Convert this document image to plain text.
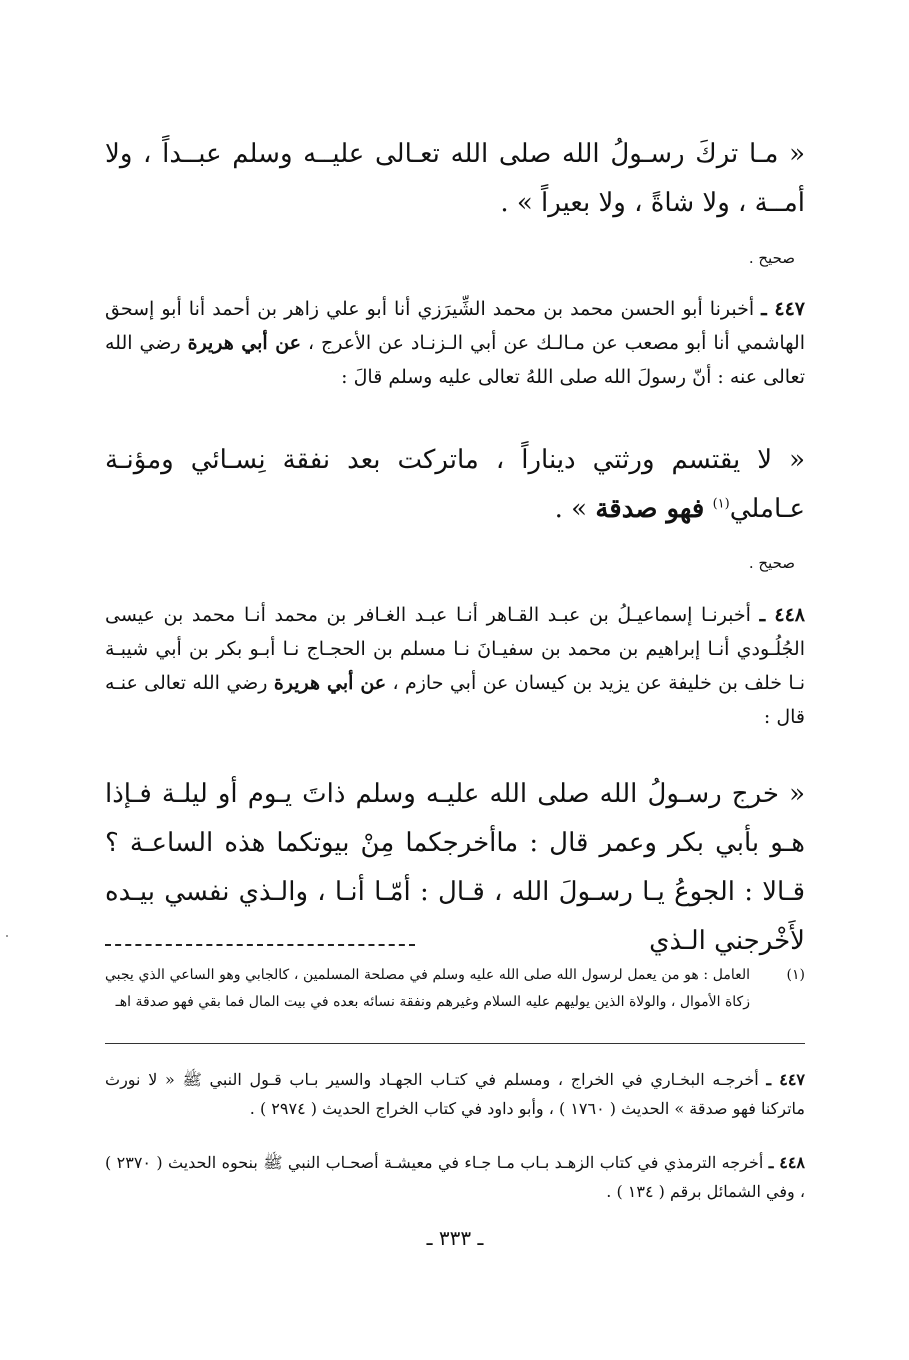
« مـا تركَ رسـولُ الله صلى الله تعـالى عليــه وسلم عبــداً ، ولا أمــة ، ولا شاةً ، ولا بعيراً » .
صحيح .
٤٤٧ ـ أخبرنا أبو الحسن محمد بن محمد الشِّيرَزي أنا أبو علي زاهر بن أحمد أنا أبو إسحق الهاشمي أنا أبو مصعب عن مـالـك عن أبي الـزنـاد عن الأعرج ، عن أبي هريرة رضي الله تعالى عنه : أنّ رسولَ الله صلى اللهُ تعالى عليه وسلم قالَ :
« لا يقتسم ورثتي ديناراً ، ماتركت بعد نفقة نِسـائي ومؤنـة عـاملي$^{(١)}$ فهو صدقة » .
صحيح .
٤٤٨ ـ أخبرنـا إسماعيـلُ بن عبـد القـاهر أنـا عبـد الغـافر بن محمد أنـا محمد بن عيسى الجُلُـودي أنـا إبراهيم بن محمد بن سفيـانَ نـا مسلم بن الحجـاج نـا أبـو بكر بن أبي شيبـة نـا خلف بن خليفة عن يزيد بن كيسان عن أبي حازم ، عن أبي هريرة رضي الله تعالى عنـه قال :
« خرج رسـولُ الله صلى الله عليـه وسلم ذاتَ يـوم أو ليلـة فـإذا هـو بأبي بكر وعمر قال : ماأخرجكما مِنْ بيوتكما هذه الساعـة ؟ قـالا : الجوعُ يـا رسـولَ الله ، قـال : أمّـا أنـا ، والـذي نفسي بيـده لأَخْرجني الـذي
(١)
العامل : هو من يعمل لرسول الله صلى الله عليه وسلم في مصلحة المسلمين ، كالجابي وهو الساعي الذي يجبي زكاة الأموال ، والولاة الذين يوليهم عليه السلام وغيرهم ونفقة نسائه بعده في بيت المال فما بقي فهو صدقة اهـ
٤٤٧ ـ أخرجـه البخـاري في الخراج ، ومسلم في كتـاب الجهـاد والسير بـاب قـول النبي ﷺ « لا نورث ماتركنا فهو صدقة » الحديث ( ١٧٦٠ ) ، وأبو داود في كتاب الخراج الحديث ( ٢٩٧٤ ) .
٤٤٨ ـ أخرجه الترمذي في كتاب الزهـد بـاب مـا جـاء في معيشـة أصحـاب النبي ﷺ بنحوه الحديث ( ٢٣٧٠ ) ، وفي الشمائل برقم ( ١٣٤ ) .
ـ ٣٣٣ ـ
